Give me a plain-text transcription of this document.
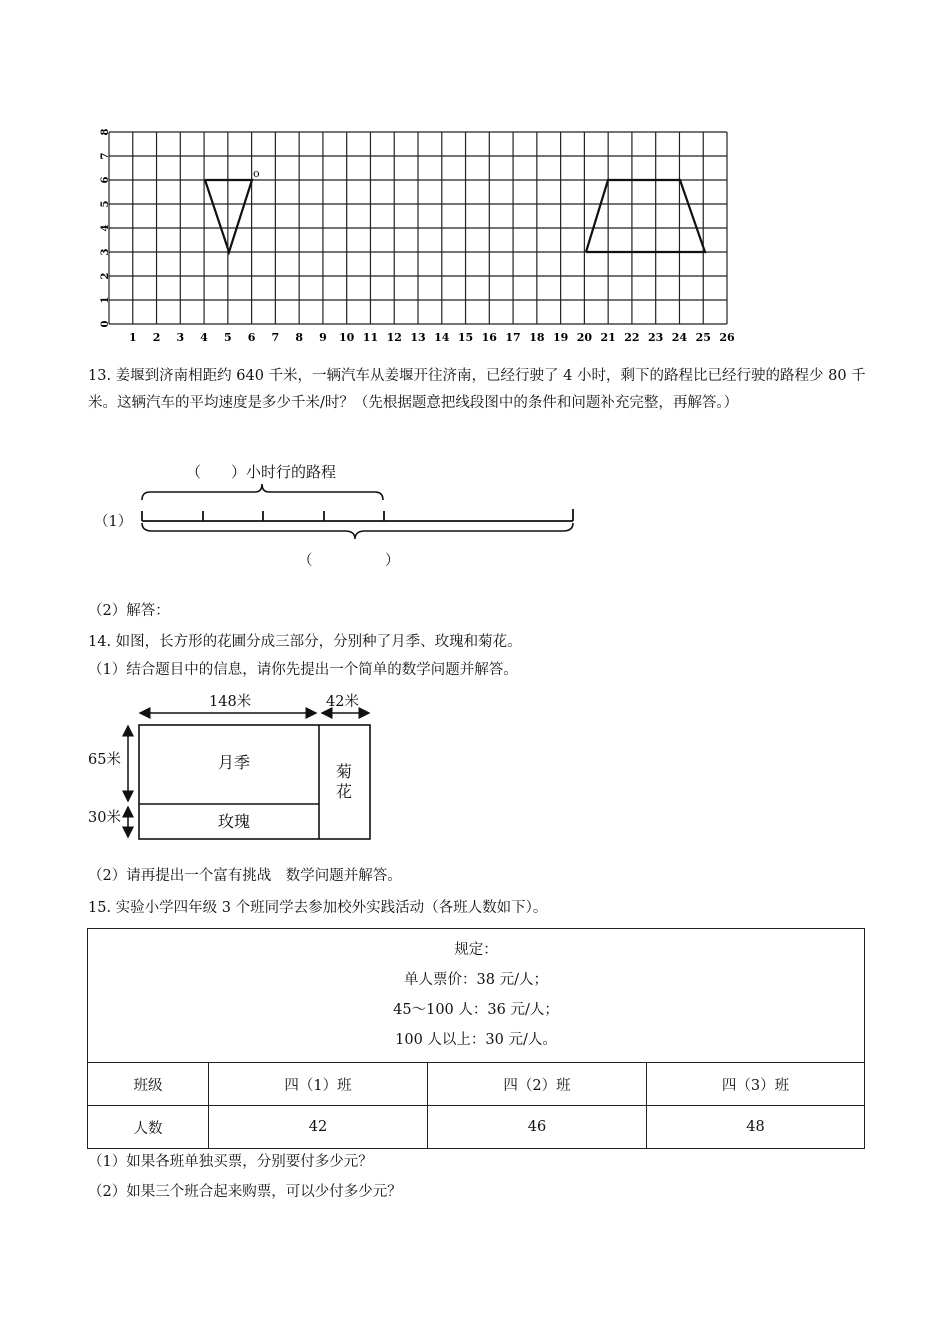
1 2 3 4 5 6 7 8 9 10 11 12 13 14 15 16 17 18 19 20 21 22 23 24 25 26
0
1
2
3
4
5
6
7
8
o
13. 姜堰到济南相距约 640 千米，一辆汽车从姜堰开往济南，已经行驶了 4 小时，剩下的路程比已经行驶的路程少 80 千米。这辆汽车的平均速度是多少千米/时？（先根据题意把线段图中的条件和问题补充完整，再解答。）
（　　）小时行的路程
（1）
（　　　　　）
（2）解答：
14. 如图，长方形的花圃分成三部分，分别种了月季、玫瑰和菊花。
（1）结合题目中的信息，请你先提出一个简单的数学问题并解答。
148米	42米
65米
30米
月季
玫瑰
菊
花
（2）请再提出一个富有挑战　数学问题并解答。
15. 实验小学四年级 3 个班同学去参加校外实践活动（各班人数如下）。
规定：
单人票价：38 元/人；
45～100 人：36 元/人；
100 人以上：30 元/人。			

班级	四（1）班	四（2）班	四（3）班
人数	42	46	48
（1）如果各班单独买票，分别要付多少元？
（2）如果三个班合起来购票，可以少付多少元？
